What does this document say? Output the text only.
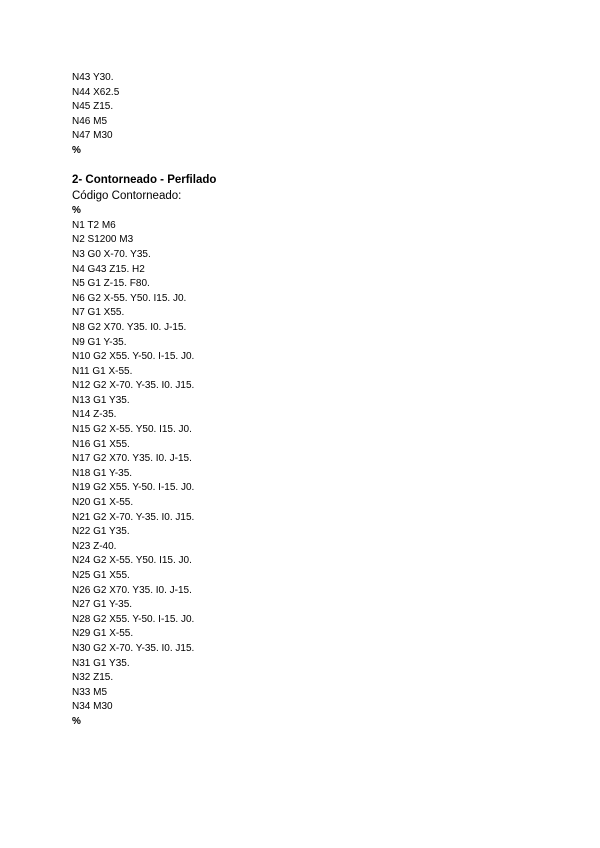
N43 Y30.
N44 X62.5
N45 Z15.
N46 M5
N47 M30
%
2- Contorneado - Perfilado
Código Contorneado:
%
N1 T2 M6
N2 S1200 M3
N3 G0 X-70. Y35.
N4 G43 Z15. H2
N5 G1 Z-15. F80.
N6 G2 X-55. Y50. I15. J0.
N7 G1 X55.
N8 G2 X70. Y35. I0. J-15.
N9 G1 Y-35.
N10 G2 X55. Y-50. I-15. J0.
N11 G1 X-55.
N12 G2 X-70. Y-35. I0. J15.
N13 G1 Y35.
N14 Z-35.
N15 G2 X-55. Y50. I15. J0.
N16 G1 X55.
N17 G2 X70. Y35. I0. J-15.
N18 G1 Y-35.
N19 G2 X55. Y-50. I-15. J0.
N20 G1 X-55.
N21 G2 X-70. Y-35. I0. J15.
N22 G1 Y35.
N23 Z-40.
N24 G2 X-55. Y50. I15. J0.
N25 G1 X55.
N26 G2 X70. Y35. I0. J-15.
N27 G1 Y-35.
N28 G2 X55. Y-50. I-15. J0.
N29 G1 X-55.
N30 G2 X-70. Y-35. I0. J15.
N31 G1 Y35.
N32 Z15.
N33 M5
N34 M30
%
